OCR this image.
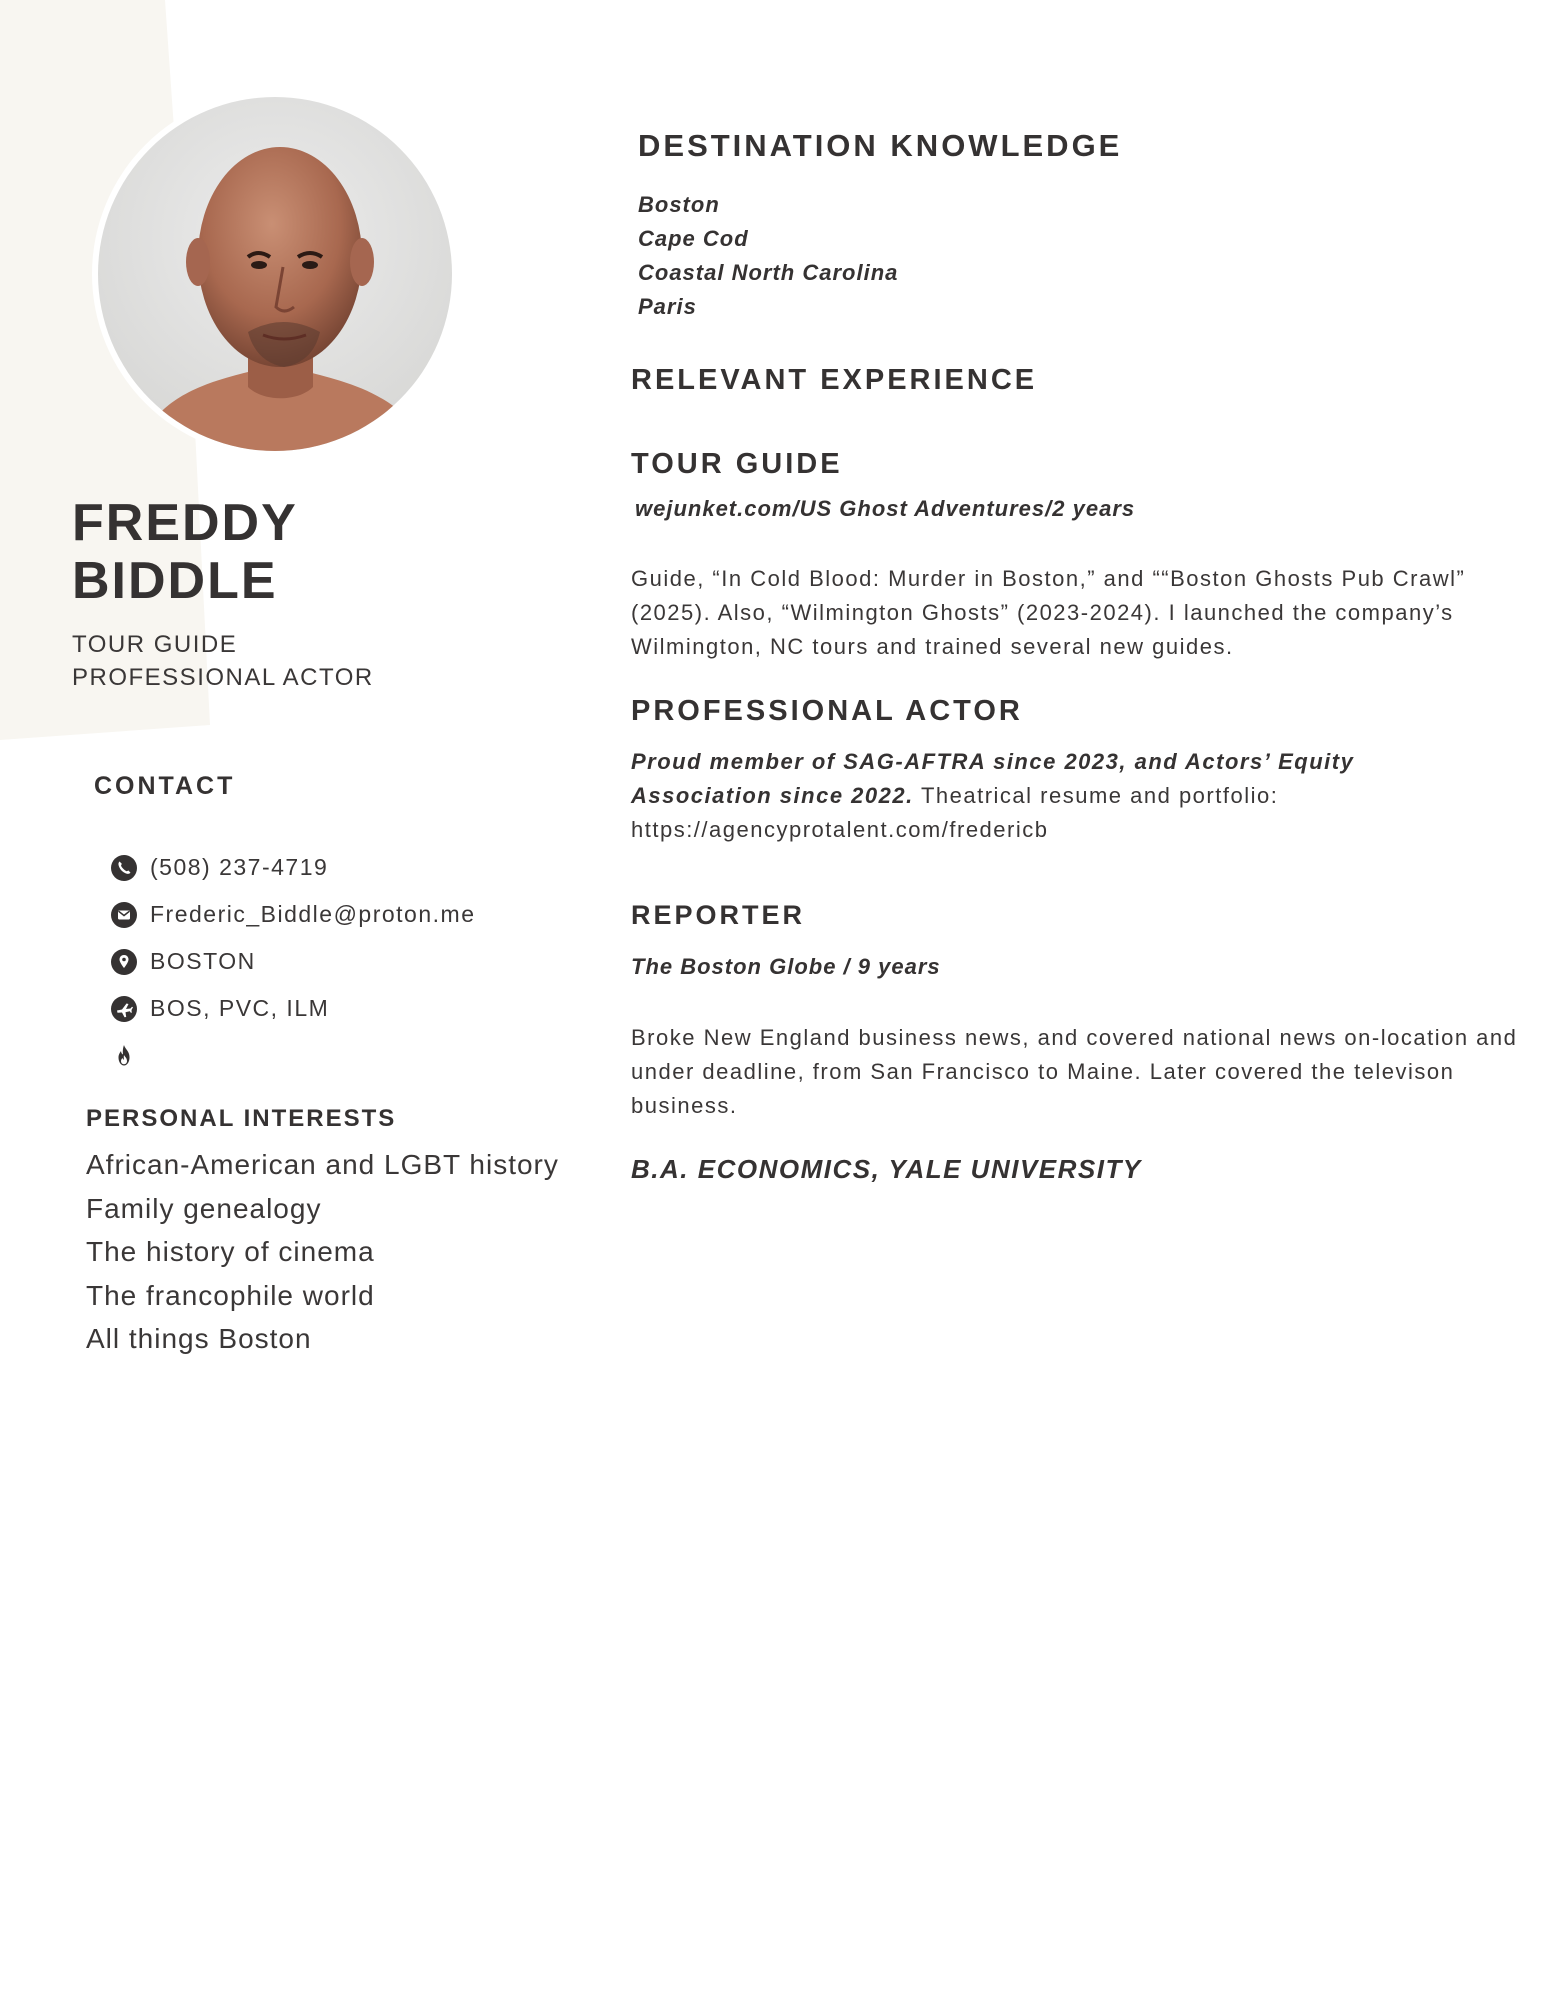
FREDDY
BIDDLE
TOUR GUIDE
PROFESSIONAL ACTOR
CONTACT
(508) 237-4719
Frederic_Biddle@proton.me
BOSTON
BOS, PVC, ILM
PERSONAL INTERESTS
African-American and LGBT history
Family genealogy
The history of cinema
The francophile world
All things Boston
DESTINATION KNOWLEDGE
Boston
Cape Cod
Coastal North Carolina
Paris
RELEVANT EXPERIENCE
TOUR GUIDE
wejunket.com/US Ghost Adventures/2 years
Guide, “In Cold Blood: Murder in Boston,” and ““Boston Ghosts Pub Crawl”
(2025). Also, “Wilmington Ghosts” (2023-2024). I launched the company’s
Wilmington, NC tours and trained several new guides.
PROFESSIONAL ACTOR
Proud member of SAG-AFTRA since 2023, and Actors’ Equity
Association since 2022. Theatrical resume and portfolio:
https://agencyprotalent.com/fredericb
REPORTER
The Boston Globe / 9 years
Broke New England business news, and covered national news on-location and
under deadline, from San Francisco to Maine. Later covered the televison
business.
B.A. ECONOMICS, YALE UNIVERSITY
